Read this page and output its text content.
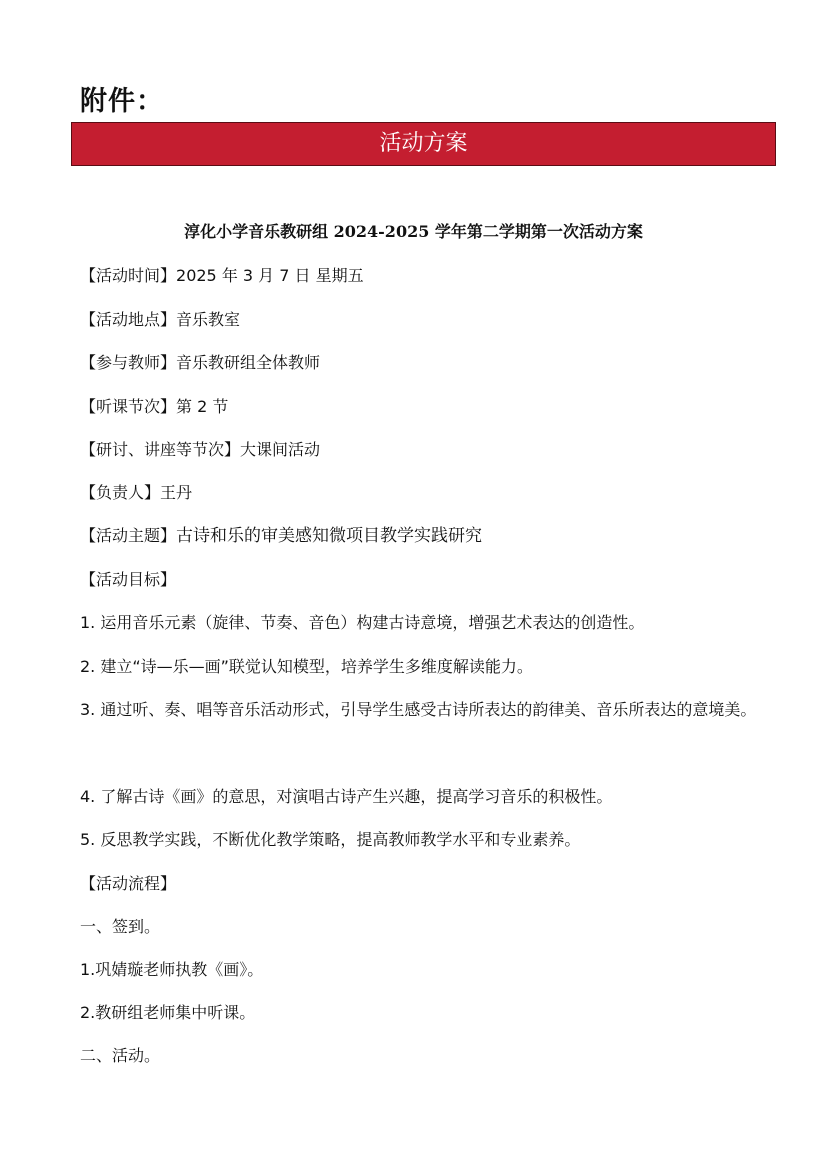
附件：
活动方案
淳化小学音乐教研组 2024-2025 学年第二学期第一次活动方案
【活动时间】2025 年 3 月 7 日 星期五
【活动地点】音乐教室
【参与教师】音乐教研组全体教师
【听课节次】第 2 节
【研讨、讲座等节次】大课间活动
【负责人】王丹
【活动主题】古诗和乐的审美感知微项目教学实践研究
【活动目标】
1. 运用音乐元素（旋律、节奏、音色）构建古诗意境，增强艺术表达的创造性。
2. 建立“诗—乐—画”联觉认知模型，培养学生多维度解读能力。
3. 通过听、奏、唱等音乐活动形式，引导学生感受古诗所表达的韵律美、音乐所表达的意境美。
4. 了解古诗《画》的意思，对演唱古诗产生兴趣，提高学习音乐的积极性。
5. 反思教学实践，不断优化教学策略，提高教师教学水平和专业素养。
【活动流程】
一、签到。
1.巩婧璇老师执教《画》。
2.教研组老师集中听课。
二、活动。
